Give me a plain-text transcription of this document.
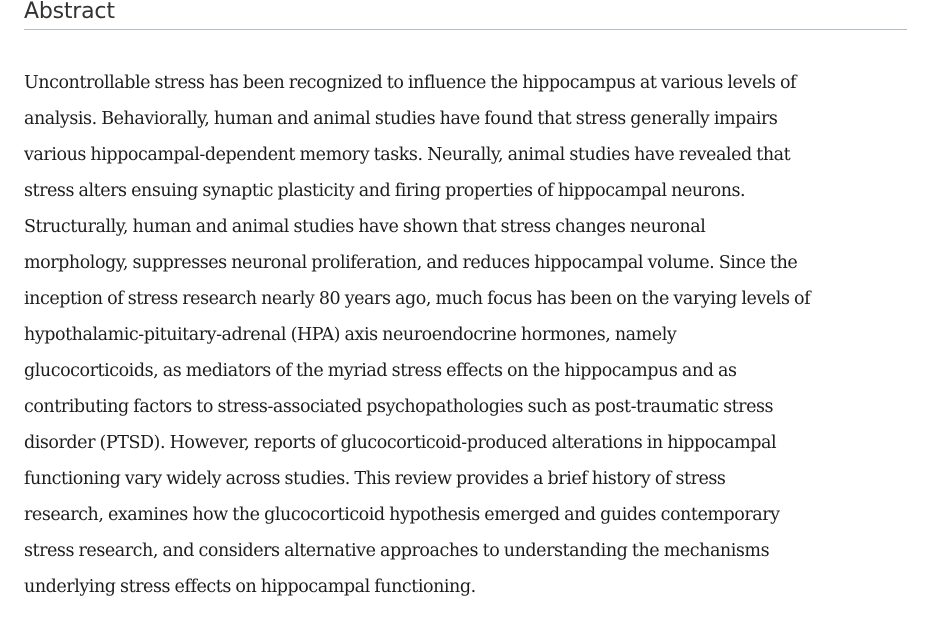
Abstract

Uncontrollable stress has been recognized to influence the hippocampus at various levels of
analysis. Behaviorally, human and animal studies have found that stress generally impairs
various hippocampal-dependent memory tasks. Neurally, animal studies have revealed that
stress alters ensuing synaptic plasticity and firing properties of hippocampal neurons.
Structurally, human and animal studies have shown that stress changes neuronal
morphology, suppresses neuronal proliferation, and reduces hippocampal volume. Since the
inception of stress research nearly 80 years ago, much focus has been on the varying levels of
hypothalamic-pituitary-adrenal (HPA) axis neuroendocrine hormones, namely
glucocorticoids, as mediators of the myriad stress effects on the hippocampus and as
contributing factors to stress-associated psychopathologies such as post-traumatic stress
disorder (PTSD). However, reports of glucocorticoid-produced alterations in hippocampal
functioning vary widely across studies. This review provides a brief history of stress
research, examines how the glucocorticoid hypothesis emerged and guides contemporary
stress research, and considers alternative approaches to understanding the mechanisms
underlying stress effects on hippocampal functioning.
